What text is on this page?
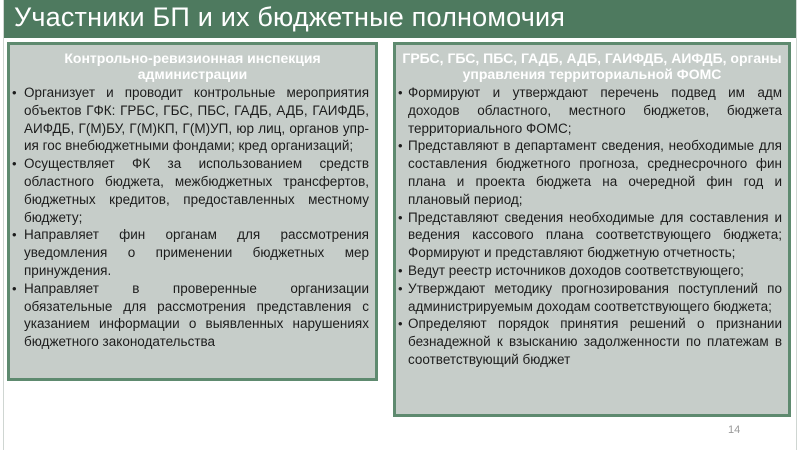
Участники БП и их бюджетные полномочия
Контрольно-ревизионная инспекция администрации
• Организует и проводит контрольные мероприятия объектов ГФК: ГРБС, ГБС, ПБС, ГАДБ, АДБ, ГАИФДБ, АИФДБ, Г(М)БУ, Г(М)КП, Г(М)УП, юр лиц, органов упр-ия гос внебюджетными фондами; кред организаций;
• Осуществляет ФК за использованием средств областного бюджета, межбюджетных трансфертов, бюджетных кредитов, предоставленных местному бюджету;
• Направляет фин органам для рассмотрения уведомления о применении бюджетных мер принуждения.
• Направляет в проверенные организации обязательные для рассмотрения представления с указанием информации о выявленных нарушениях бюджетного законодательства
ГРБС, ГБС, ПБС, ГАДБ, АДБ, ГАИФДБ, АИФДБ, органы управления территориальной ФОМС
• Формируют и утверждают перечень подвед им адм доходов областного, местного бюджетов, бюджета территориального ФОМС;
• Представляют в департамент сведения, необходимые для составления бюджетного прогноза, среднесрочного фин плана и проекта бюджета на очередной фин год и плановый период;
• Представляют сведения необходимые для составления и ведения кассового плана соответствующего бюджета; Формируют и представляют бюджетную отчетность;
• Ведут реестр источников доходов соответствующего;
• Утверждают методику прогнозирования поступлений по администрируемым доходам соответствующего бюджета;
• Определяют порядок принятия решений о признании безнадежной к взысканию задолженности по платежам в соответствующий бюджет
14
